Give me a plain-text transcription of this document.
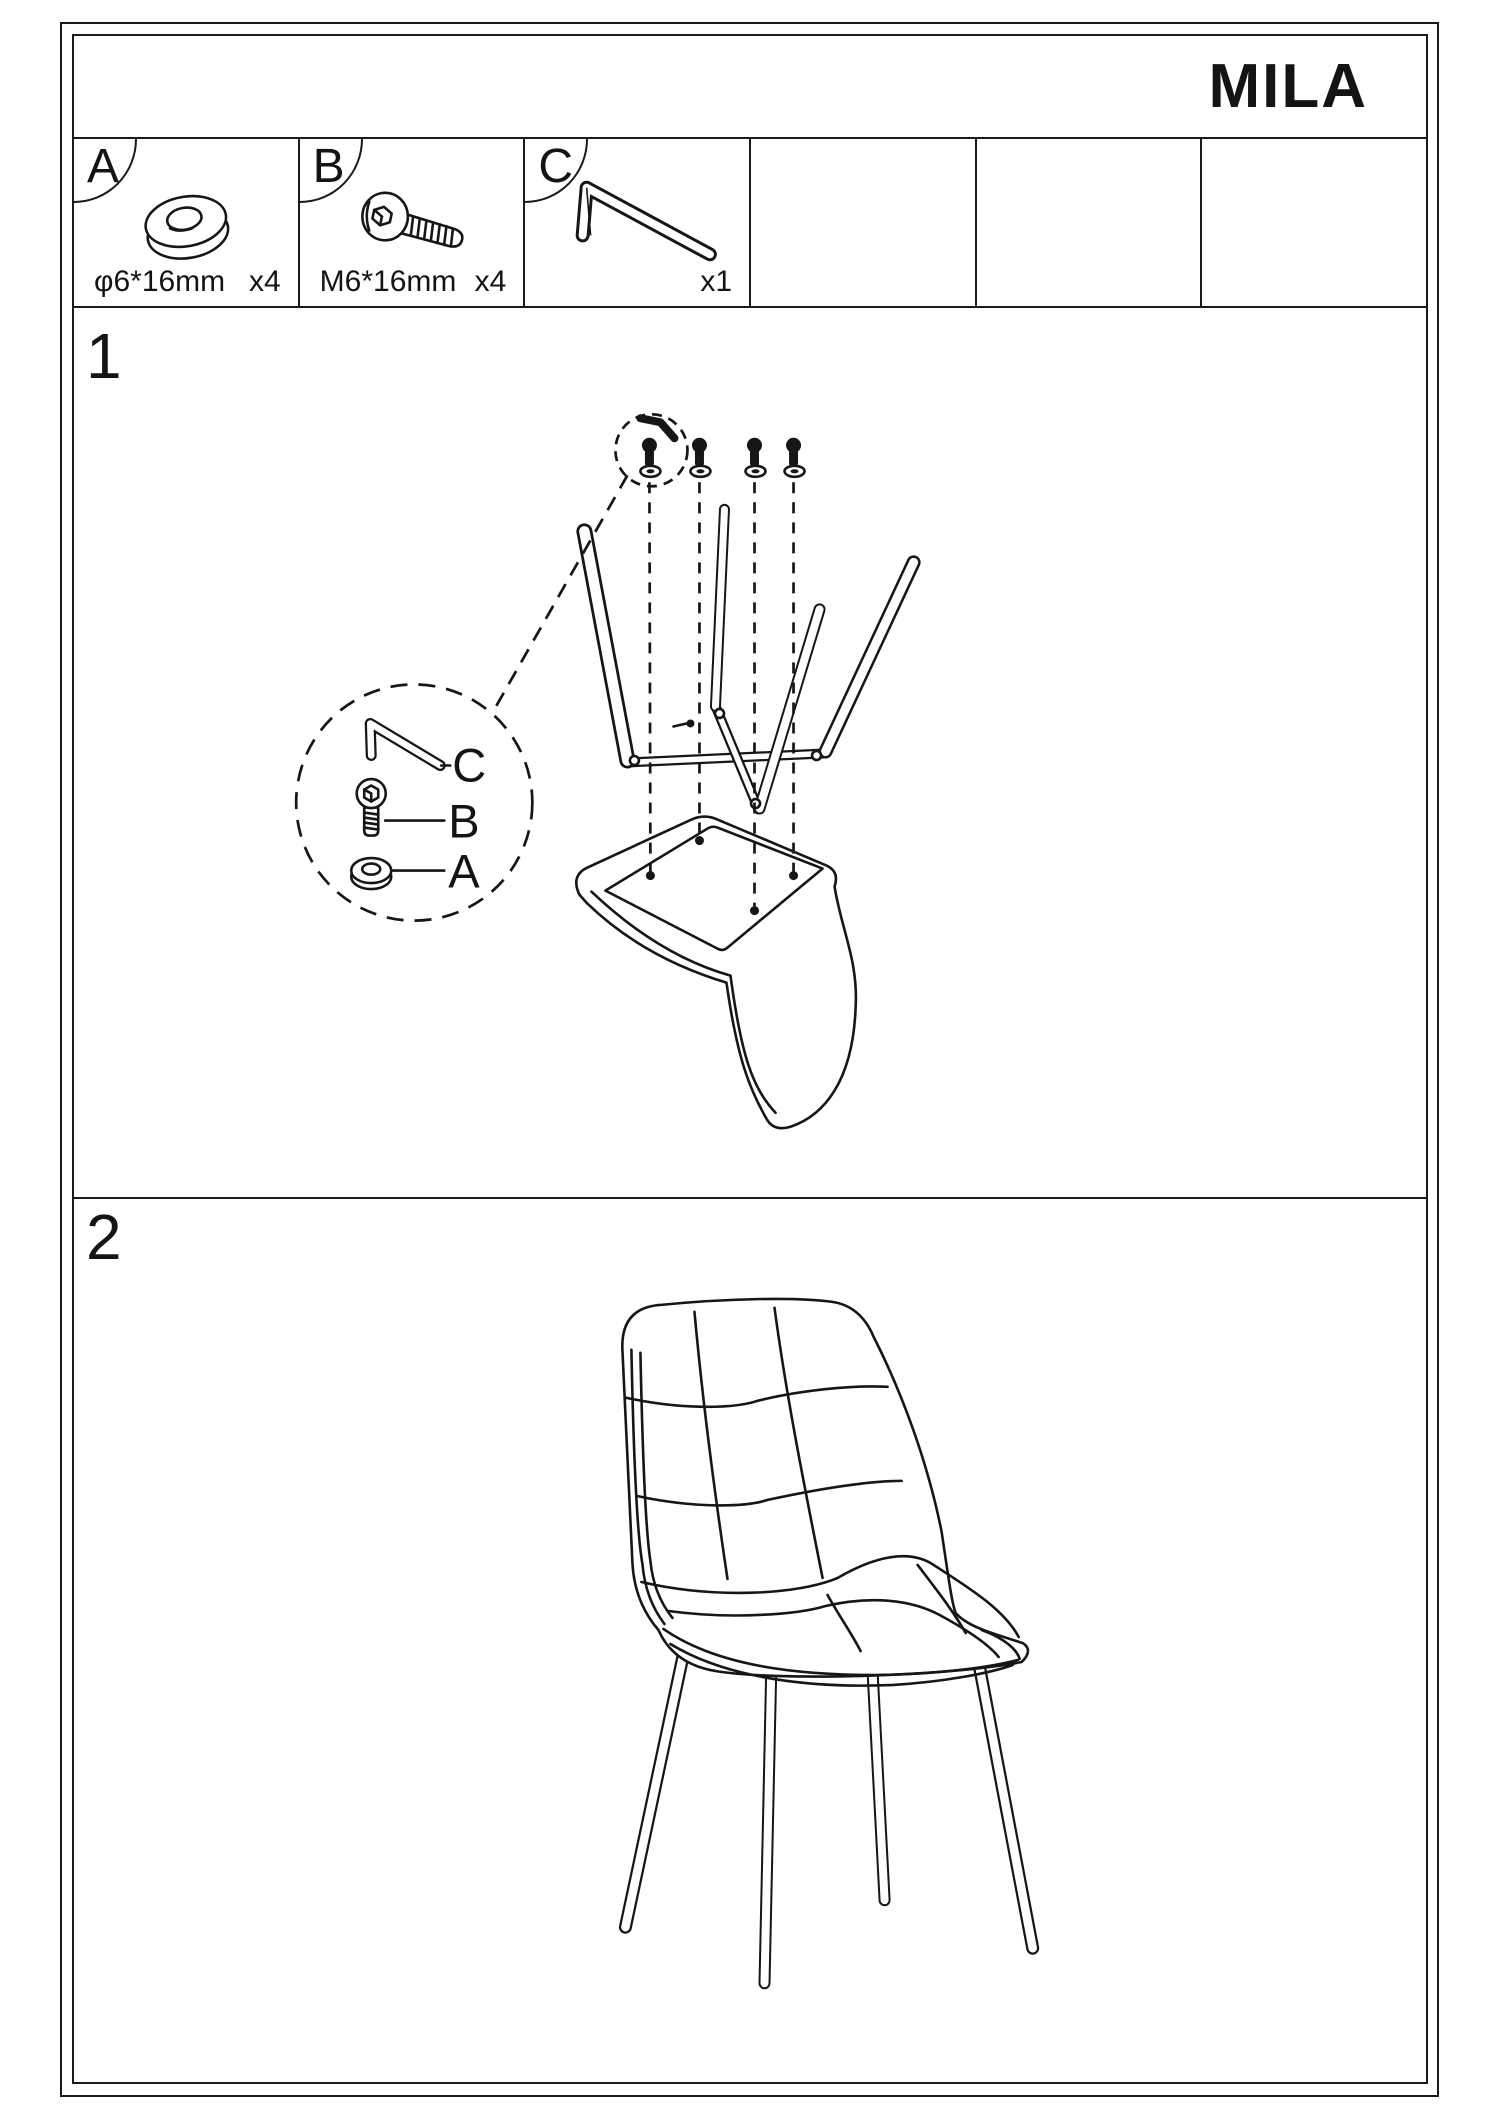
MILA
A
φ6*16mm x4
B
M6*16mm x4
C
x1
C
B
A
1
2
